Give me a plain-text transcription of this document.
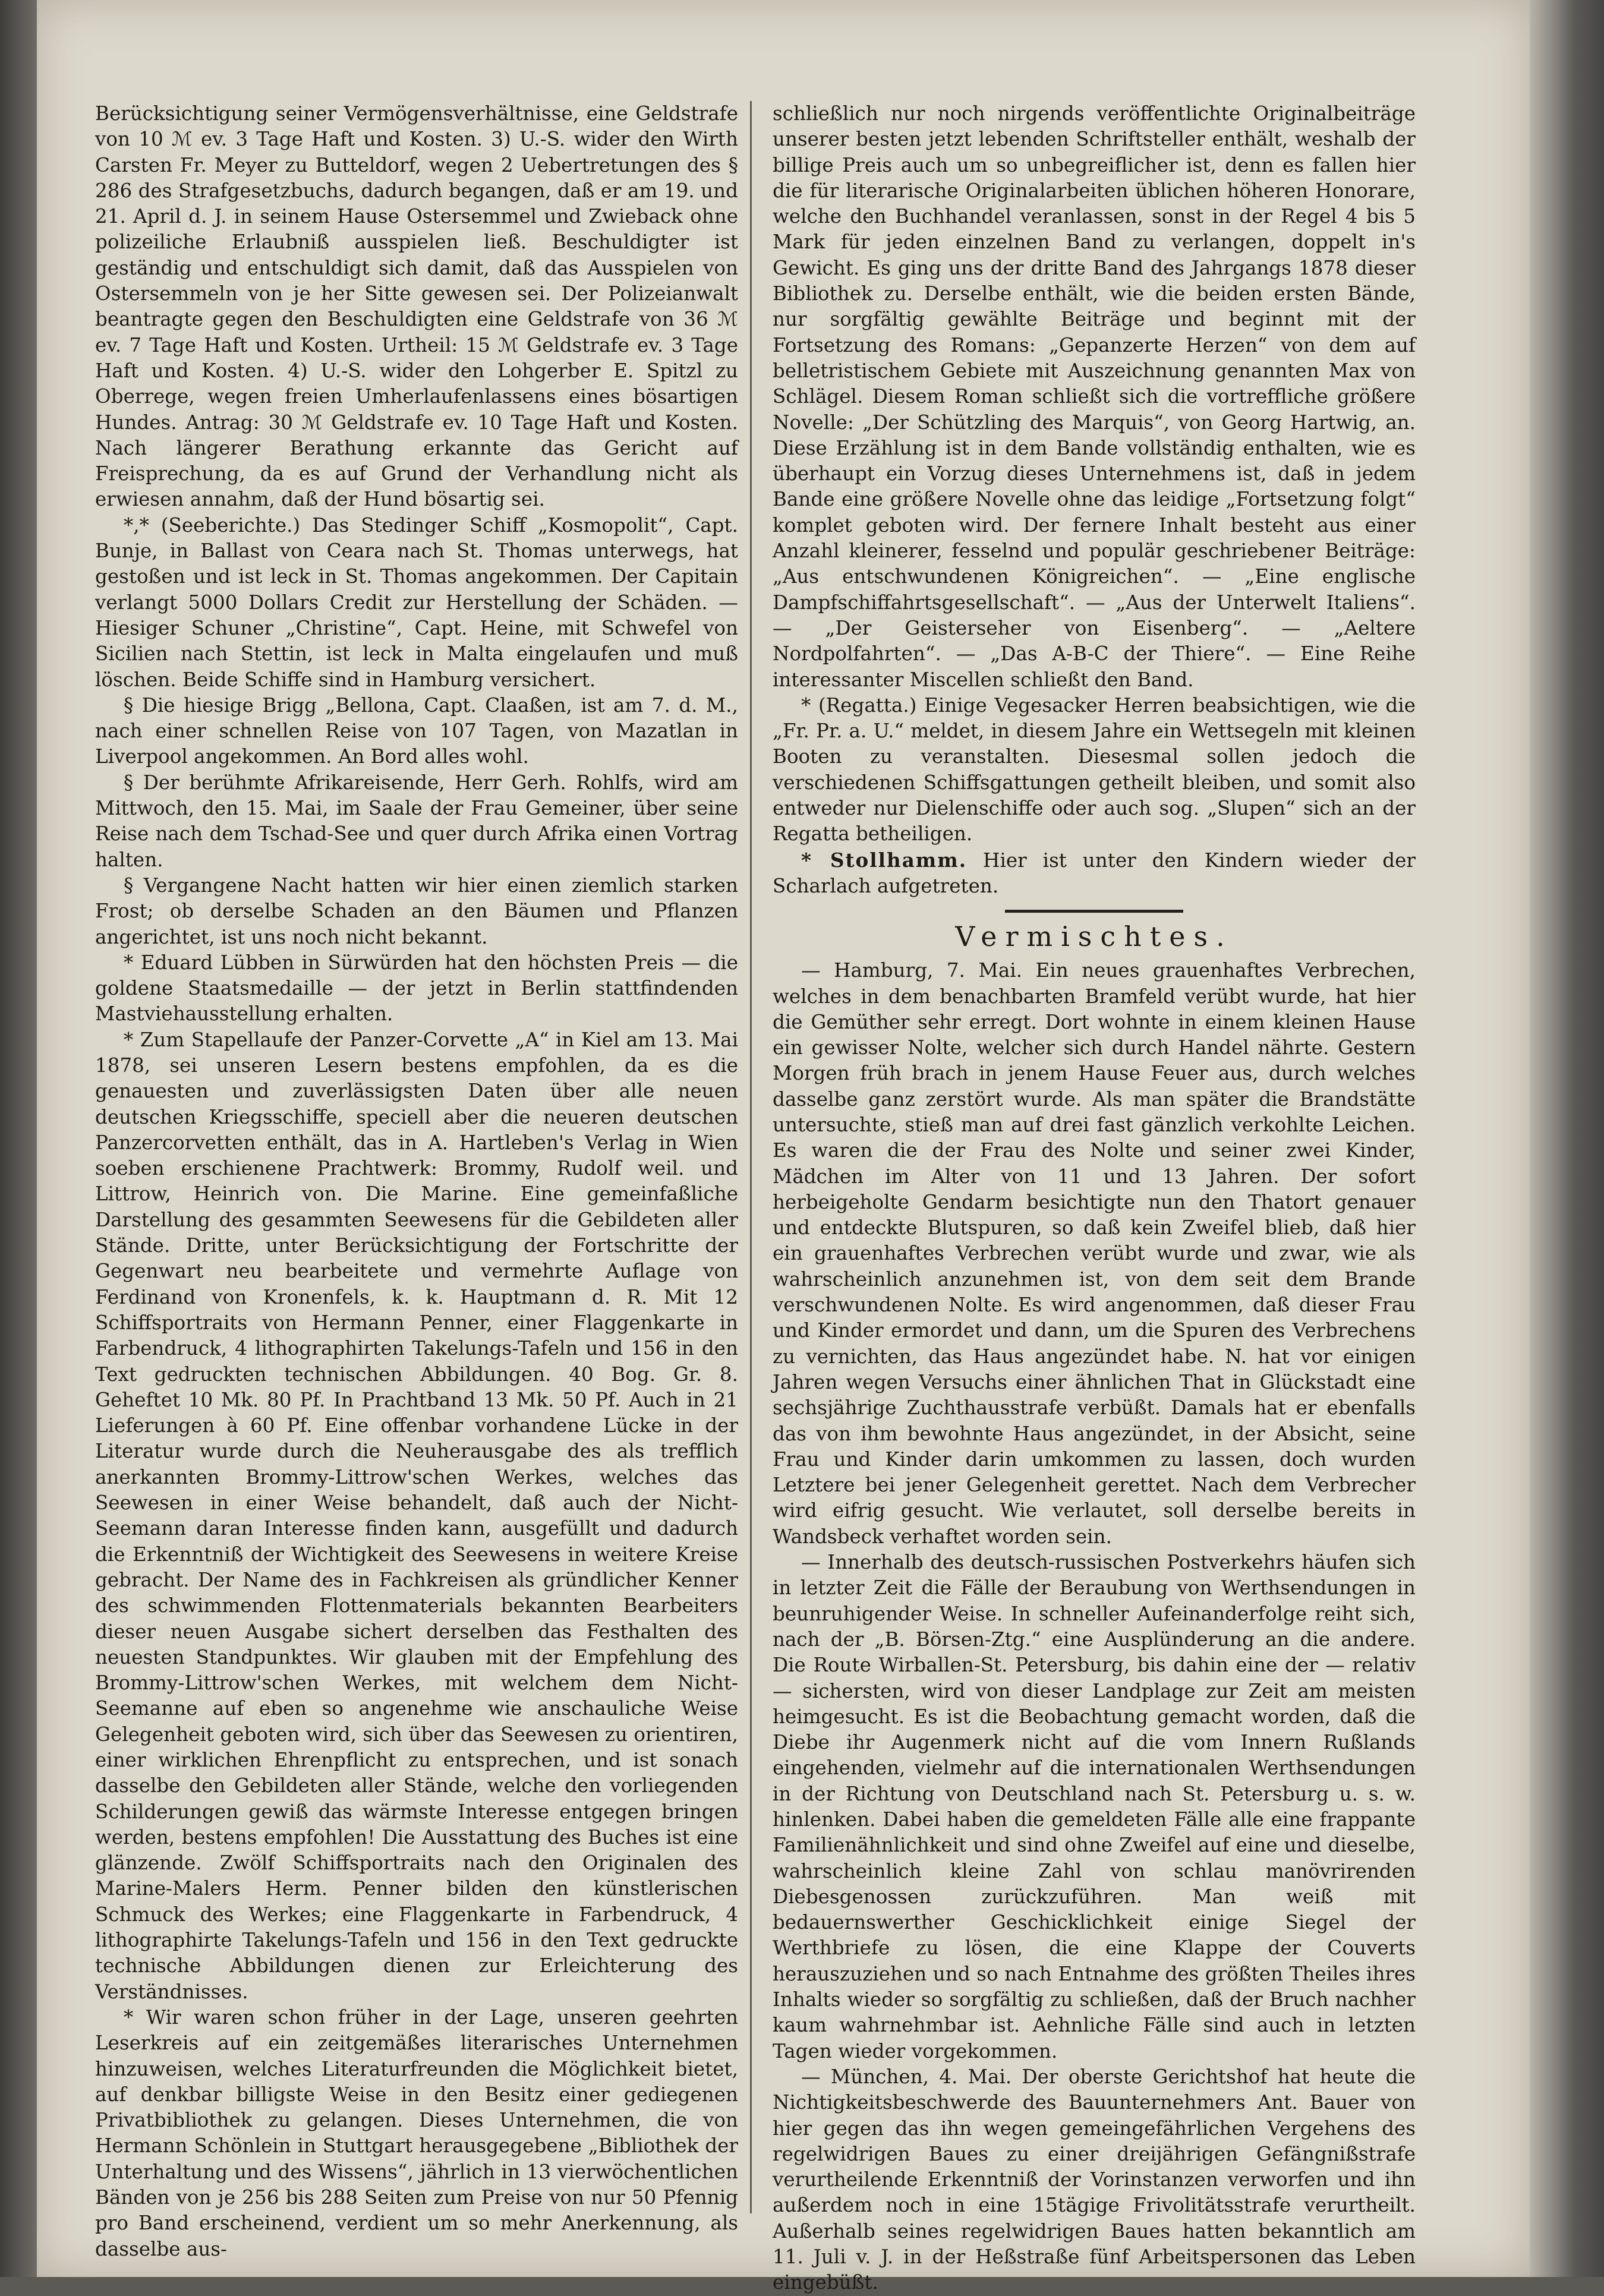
Berücksichtigung seiner Vermögensverhältnisse, eine Geldstrafe von 10 ℳ ev. 3 Tage Haft und Kosten. 3) U.-S. wider den Wirth Carsten Fr. Meyer zu Butteldorf, wegen 2 Uebertretungen des § 286 des Strafgesetzbuchs, dadurch begangen, daß er am 19. und 21. April d. J. in seinem Hause Ostersemmel und Zwieback ohne polizeiliche Erlaubniß ausspielen ließ. Beschuldigter ist geständig und entschuldigt sich damit, daß das Ausspielen von Ostersemmeln von je her Sitte gewesen sei. Der Polizeianwalt beantragte gegen den Beschuldigten eine Geldstrafe von 36 ℳ ev. 7 Tage Haft und Kosten. Urtheil: 15 ℳ Geldstrafe ev. 3 Tage Haft und Kosten. 4) U.-S. wider den Lohgerber E. Spitzl zu Oberrege, wegen freien Umherlaufenlassens eines bösartigen Hundes. Antrag: 30 ℳ Geldstrafe ev. 10 Tage Haft und Kosten. Nach längerer Berathung erkannte das Gericht auf Freisprechung, da es auf Grund der Verhandlung nicht als erwiesen annahm, daß der Hund bösartig sei.

*,* (Seeberichte.) Das Stedinger Schiff „Kosmopolit“, Capt. Bunje, in Ballast von Ceara nach St. Thomas unterwegs, hat gestoßen und ist leck in St. Thomas angekommen. Der Capitain verlangt 5000 Dollars Credit zur Herstellung der Schäden. — Hiesiger Schuner „Christine“, Capt. Heine, mit Schwefel von Sicilien nach Stettin, ist leck in Malta eingelaufen und muß löschen. Beide Schiffe sind in Hamburg versichert.

§ Die hiesige Brigg „Bellona, Capt. Claaßen, ist am 7. d. M., nach einer schnellen Reise von 107 Tagen, von Mazatlan in Liverpool angekommen. An Bord alles wohl.

§ Der berühmte Afrikareisende, Herr Gerh. Rohlfs, wird am Mittwoch, den 15. Mai, im Saale der Frau Gemeiner, über seine Reise nach dem Tschad-See und quer durch Afrika einen Vortrag halten.

§ Vergangene Nacht hatten wir hier einen ziemlich starken Frost; ob derselbe Schaden an den Bäumen und Pflanzen angerichtet, ist uns noch nicht bekannt.

* Eduard Lübben in Sürwürden hat den höchsten Preis — die goldene Staatsmedaille — der jetzt in Berlin stattfindenden Mastviehausstellung erhalten.

* Zum Stapellaufe der Panzer-Corvette „A“ in Kiel am 13. Mai 1878, sei unseren Lesern bestens empfohlen, da es die genauesten und zuverlässigsten Daten über alle neuen deutschen Kriegsschiffe, speciell aber die neueren deutschen Panzercorvetten enthält, das in A. Hartleben's Verlag in Wien soeben erschienene Prachtwerk: Brommy, Rudolf weil. und Littrow, Heinrich von. Die Marine. Eine gemeinfaßliche Darstellung des gesammten Seewesens für die Gebildeten aller Stände. Dritte, unter Berücksichtigung der Fortschritte der Gegenwart neu bearbeitete und vermehrte Auflage von Ferdinand von Kronenfels, k. k. Hauptmann d. R. Mit 12 Schiffsportraits von Hermann Penner, einer Flaggenkarte in Farbendruck, 4 lithographirten Takelungs-Tafeln und 156 in den Text gedruckten technischen Abbildungen. 40 Bog. Gr. 8. Geheftet 10 Mk. 80 Pf. In Prachtband 13 Mk. 50 Pf. Auch in 21 Lieferungen à 60 Pf. Eine offenbar vorhandene Lücke in der Literatur wurde durch die Neuherausgabe des als trefflich anerkannten Brommy-Littrow'schen Werkes, welches das Seewesen in einer Weise behandelt, daß auch der Nicht-Seemann daran Interesse finden kann, ausgefüllt und dadurch die Erkenntniß der Wichtigkeit des Seewesens in weitere Kreise gebracht. Der Name des in Fachkreisen als gründlicher Kenner des schwimmenden Flottenmaterials bekannten Bearbeiters dieser neuen Ausgabe sichert derselben das Festhalten des neuesten Standpunktes. Wir glauben mit der Empfehlung des Brommy-Littrow'schen Werkes, mit welchem dem Nicht-Seemanne auf eben so angenehme wie anschauliche Weise Gelegenheit geboten wird, sich über das Seewesen zu orientiren, einer wirklichen Ehrenpflicht zu entsprechen, und ist sonach dasselbe den Gebildeten aller Stände, welche den vorliegenden Schilderungen gewiß das wärmste Interesse entgegen bringen werden, bestens empfohlen! Die Ausstattung des Buches ist eine glänzende. Zwölf Schiffsportraits nach den Originalen des Marine-Malers Herm. Penner bilden den künstlerischen Schmuck des Werkes; eine Flaggenkarte in Farbendruck, 4 lithographirte Takelungs-Tafeln und 156 in den Text gedruckte technische Abbildungen dienen zur Erleichterung des Verständnisses.

* Wir waren schon früher in der Lage, unseren geehrten Leserkreis auf ein zeitgemäßes literarisches Unternehmen hinzuweisen, welches Literaturfreunden die Möglichkeit bietet, auf denkbar billigste Weise in den Besitz einer gediegenen Privatbibliothek zu gelangen. Dieses Unternehmen, die von Hermann Schönlein in Stuttgart herausgegebene „Bibliothek der Unterhaltung und des Wissens“, jährlich in 13 vierwöchentlichen Bänden von je 256 bis 288 Seiten zum Preise von nur 50 Pfennig pro Band erscheinend, verdient um so mehr Anerkennung, als dasselbe aus-

schließlich nur noch nirgends veröffentlichte Originalbeiträge unserer besten jetzt lebenden Schriftsteller enthält, weshalb der billige Preis auch um so unbegreiflicher ist, denn es fallen hier die für literarische Originalarbeiten üblichen höheren Honorare, welche den Buchhandel veranlassen, sonst in der Regel 4 bis 5 Mark für jeden einzelnen Band zu verlangen, doppelt in's Gewicht. Es ging uns der dritte Band des Jahrgangs 1878 dieser Bibliothek zu. Derselbe enthält, wie die beiden ersten Bände, nur sorgfältig gewählte Beiträge und beginnt mit der Fortsetzung des Romans: „Gepanzerte Herzen“ von dem auf belletristischem Gebiete mit Auszeichnung genannten Max von Schlägel. Diesem Roman schließt sich die vortreffliche größere Novelle: „Der Schützling des Marquis“, von Georg Hartwig, an. Diese Erzählung ist in dem Bande vollständig enthalten, wie es überhaupt ein Vorzug dieses Unternehmens ist, daß in jedem Bande eine größere Novelle ohne das leidige „Fortsetzung folgt“ komplet geboten wird. Der fernere Inhalt besteht aus einer Anzahl kleinerer, fesselnd und populär geschriebener Beiträge: „Aus entschwundenen Königreichen“. — „Eine englische Dampfschiffahrtsgesellschaft“. — „Aus der Unterwelt Italiens“. — „Der Geisterseher von Eisenberg“. — „Aeltere Nordpolfahrten“. — „Das A-B-C der Thiere“. — Eine Reihe interessanter Miscellen schließt den Band.

* (Regatta.) Einige Vegesacker Herren beabsichtigen, wie die „Fr. Pr. a. U.“ meldet, in diesem Jahre ein Wettsegeln mit kleinen Booten zu veranstalten. Diesesmal sollen jedoch die verschiedenen Schiffsgattungen getheilt bleiben, und somit also entweder nur Dielenschiffe oder auch sog. „Slupen“ sich an der Regatta betheiligen.

* Stollhamm. Hier ist unter den Kindern wieder der Scharlach aufgetreten.

Vermischtes.

— Hamburg, 7. Mai. Ein neues grauenhaftes Verbrechen, welches in dem benachbarten Bramfeld verübt wurde, hat hier die Gemüther sehr erregt. Dort wohnte in einem kleinen Hause ein gewisser Nolte, welcher sich durch Handel nährte. Gestern Morgen früh brach in jenem Hause Feuer aus, durch welches dasselbe ganz zerstört wurde. Als man später die Brandstätte untersuchte, stieß man auf drei fast gänzlich verkohlte Leichen. Es waren die der Frau des Nolte und seiner zwei Kinder, Mädchen im Alter von 11 und 13 Jahren. Der sofort herbeigeholte Gendarm besichtigte nun den Thatort genauer und entdeckte Blutspuren, so daß kein Zweifel blieb, daß hier ein grauenhaftes Verbrechen verübt wurde und zwar, wie als wahrscheinlich anzunehmen ist, von dem seit dem Brande verschwundenen Nolte. Es wird angenommen, daß dieser Frau und Kinder ermordet und dann, um die Spuren des Verbrechens zu vernichten, das Haus angezündet habe. N. hat vor einigen Jahren wegen Versuchs einer ähnlichen That in Glückstadt eine sechsjährige Zuchthausstrafe verbüßt. Damals hat er ebenfalls das von ihm bewohnte Haus angezündet, in der Absicht, seine Frau und Kinder darin umkommen zu lassen, doch wurden Letztere bei jener Gelegenheit gerettet. Nach dem Verbrecher wird eifrig gesucht. Wie verlautet, soll derselbe bereits in Wandsbeck verhaftet worden sein.

— Innerhalb des deutsch-russischen Postverkehrs häufen sich in letzter Zeit die Fälle der Beraubung von Werthsendungen in beunruhigender Weise. In schneller Aufeinanderfolge reiht sich, nach der „B. Börsen-Ztg.“ eine Ausplünderung an die andere. Die Route Wirballen-St. Petersburg, bis dahin eine der — relativ — sichersten, wird von dieser Landplage zur Zeit am meisten heimgesucht. Es ist die Beobachtung gemacht worden, daß die Diebe ihr Augenmerk nicht auf die vom Innern Rußlands eingehenden, vielmehr auf die internationalen Werthsendungen in der Richtung von Deutschland nach St. Petersburg u. s. w. hinlenken. Dabei haben die gemeldeten Fälle alle eine frappante Familienähnlichkeit und sind ohne Zweifel auf eine und dieselbe, wahrscheinlich kleine Zahl von schlau manövrirenden Diebesgenossen zurückzuführen. Man weiß mit bedauernswerther Geschicklichkeit einige Siegel der Werthbriefe zu lösen, die eine Klappe der Couverts herauszuziehen und so nach Entnahme des größten Theiles ihres Inhalts wieder so sorgfältig zu schließen, daß der Bruch nachher kaum wahrnehmbar ist. Aehnliche Fälle sind auch in letzten Tagen wieder vorgekommen.

— München, 4. Mai. Der oberste Gerichtshof hat heute die Nichtigkeitsbeschwerde des Bauunternehmers Ant. Bauer von hier gegen das ihn wegen gemeingefährlichen Vergehens des regelwidrigen Baues zu einer dreijährigen Gefängnißstrafe verurtheilende Erkenntniß der Vorinstanzen verworfen und ihn außerdem noch in eine 15tägige Frivolitätsstrafe verurtheilt. Außerhalb seines regelwidrigen Baues hatten bekanntlich am 11. Juli v. J. in der Heßstraße fünf Arbeitspersonen das Leben eingebüßt.
